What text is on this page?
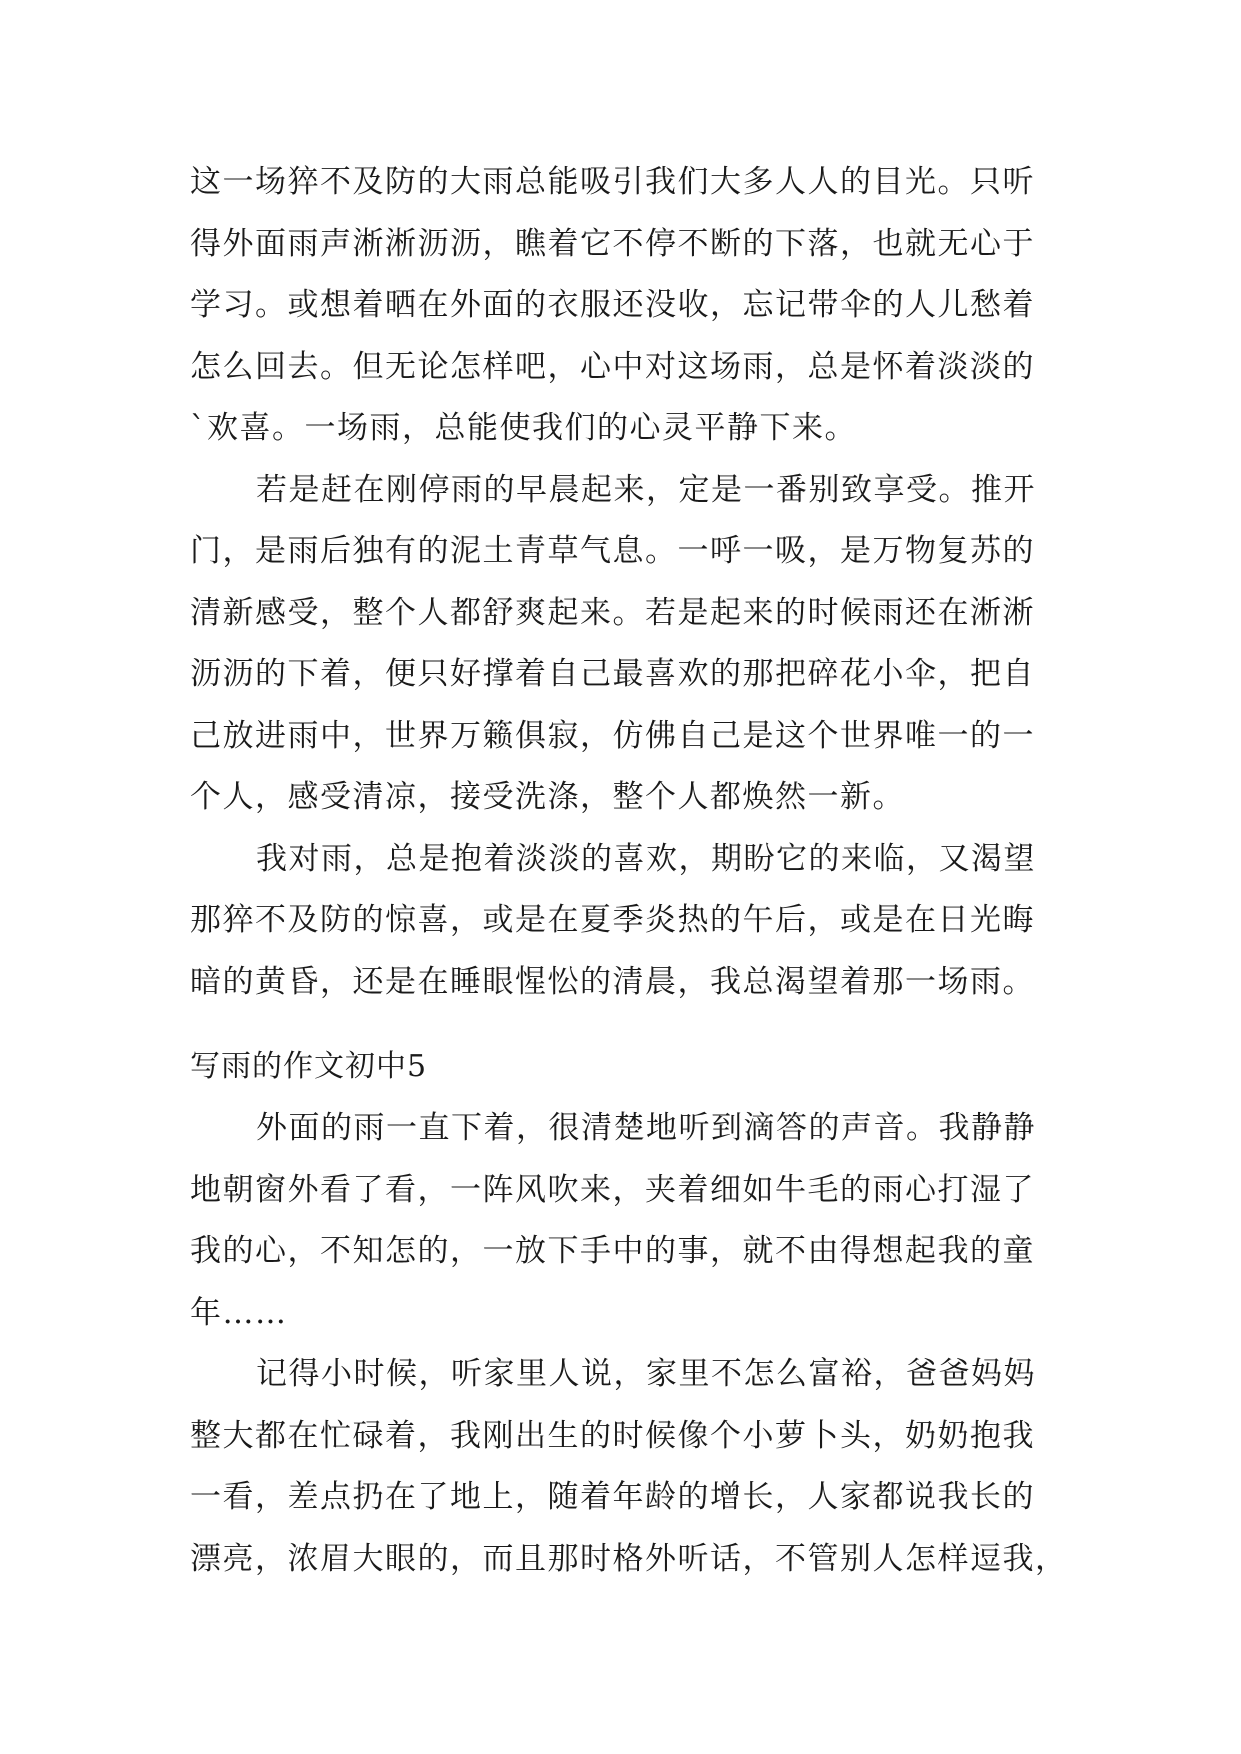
这一场猝不及防的大雨总能吸引我们大多人人的目光。只听
得外面雨声淅淅沥沥，瞧着它不停不断的下落，也就无心于
学习。或想着晒在外面的衣服还没收，忘记带伞的人儿愁着
怎么回去。但无论怎样吧，心中对这场雨，总是怀着淡淡的
`欢喜。一场雨，总能使我们的心灵平静下来。
若是赶在刚停雨的早晨起来，定是一番别致享受。推开
门，是雨后独有的泥土青草气息。一呼一吸，是万物复苏的
清新感受，整个人都舒爽起来。若是起来的时候雨还在淅淅
沥沥的下着，便只好撑着自己最喜欢的那把碎花小伞，把自
己放进雨中，世界万籁俱寂，仿佛自己是这个世界唯一的一
个人，感受清凉，接受洗涤，整个人都焕然一新。
我对雨，总是抱着淡淡的喜欢，期盼它的来临，又渴望
那猝不及防的惊喜，或是在夏季炎热的午后，或是在日光晦
暗的黄昏，还是在睡眼惺忪的清晨，我总渴望着那一场雨。
写雨的作文初中5
外面的雨一直下着，很清楚地听到滴答的声音。我静静
地朝窗外看了看，一阵风吹来，夹着细如牛毛的雨心打湿了
我的心，不知怎的，一放下手中的事，就不由得想起我的童
年……
记得小时候，听家里人说，家里不怎么富裕，爸爸妈妈
整大都在忙碌着，我刚出生的时候像个小萝卜头，奶奶抱我
一看，差点扔在了地上，随着年龄的增长，人家都说我长的
漂亮，浓眉大眼的，而且那时格外听话，不管别人怎样逗我，
